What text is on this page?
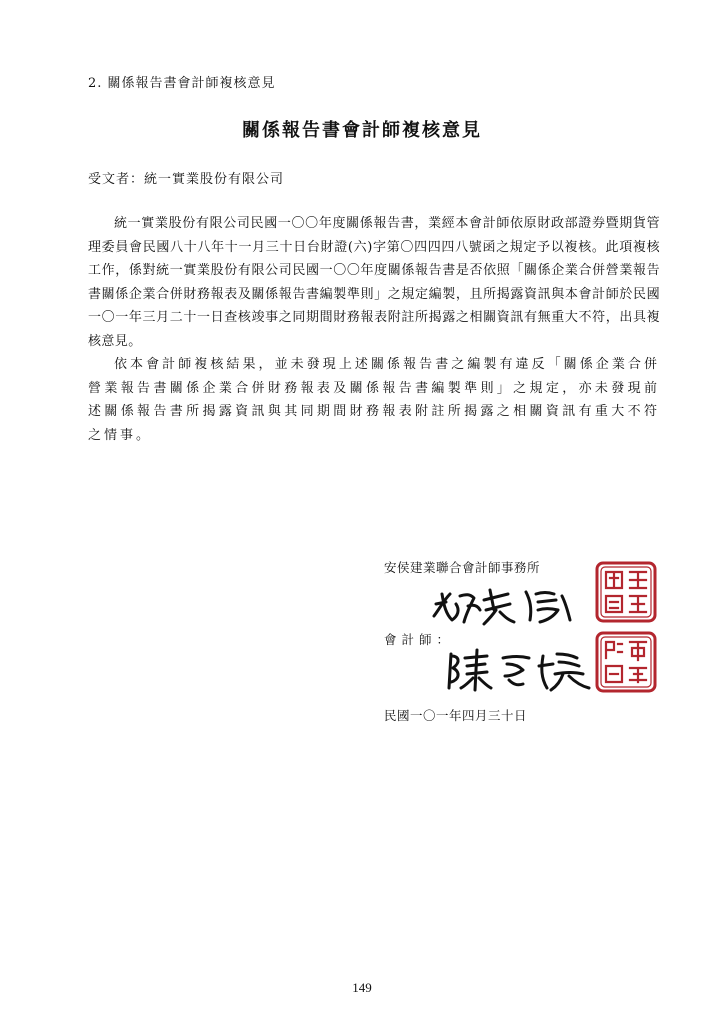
2. 關係報告書會計師複核意見
關係報告書會計師複核意見
受文者：統一實業股份有限公司

統一實業股份有限公司民國一〇〇年度關係報告書，業經本會計師依原財政部證券暨期貨管理委員會民國八十八年十一月三十日台財證(六)字第〇四四四八號函之規定予以複核。此項複核工作，係對統一實業股份有限公司民國一〇〇年度關係報告書是否依照「關係企業合併營業報告書關係企業合併財務報表及關係報告書編製準則」之規定編製，且所揭露資訊與本會計師於民國一〇一年三月二十一日查核竣事之同期間財務報表附註所揭露之相關資訊有無重大不符，出具複核意見。

依本會計師複核結果，並未發現上述關係報告書之編製有違反「關係企業合併營業報告書關係企業合併財務報表及關係報告書編製準則」之規定，亦未發現前述關係報告書所揭露資訊與其同期間財務報表附註所揭露之相關資訊有重大不符之情事。

安侯建業聯合會計師事務所
會計師：
民國一〇一年四月三十日
149
